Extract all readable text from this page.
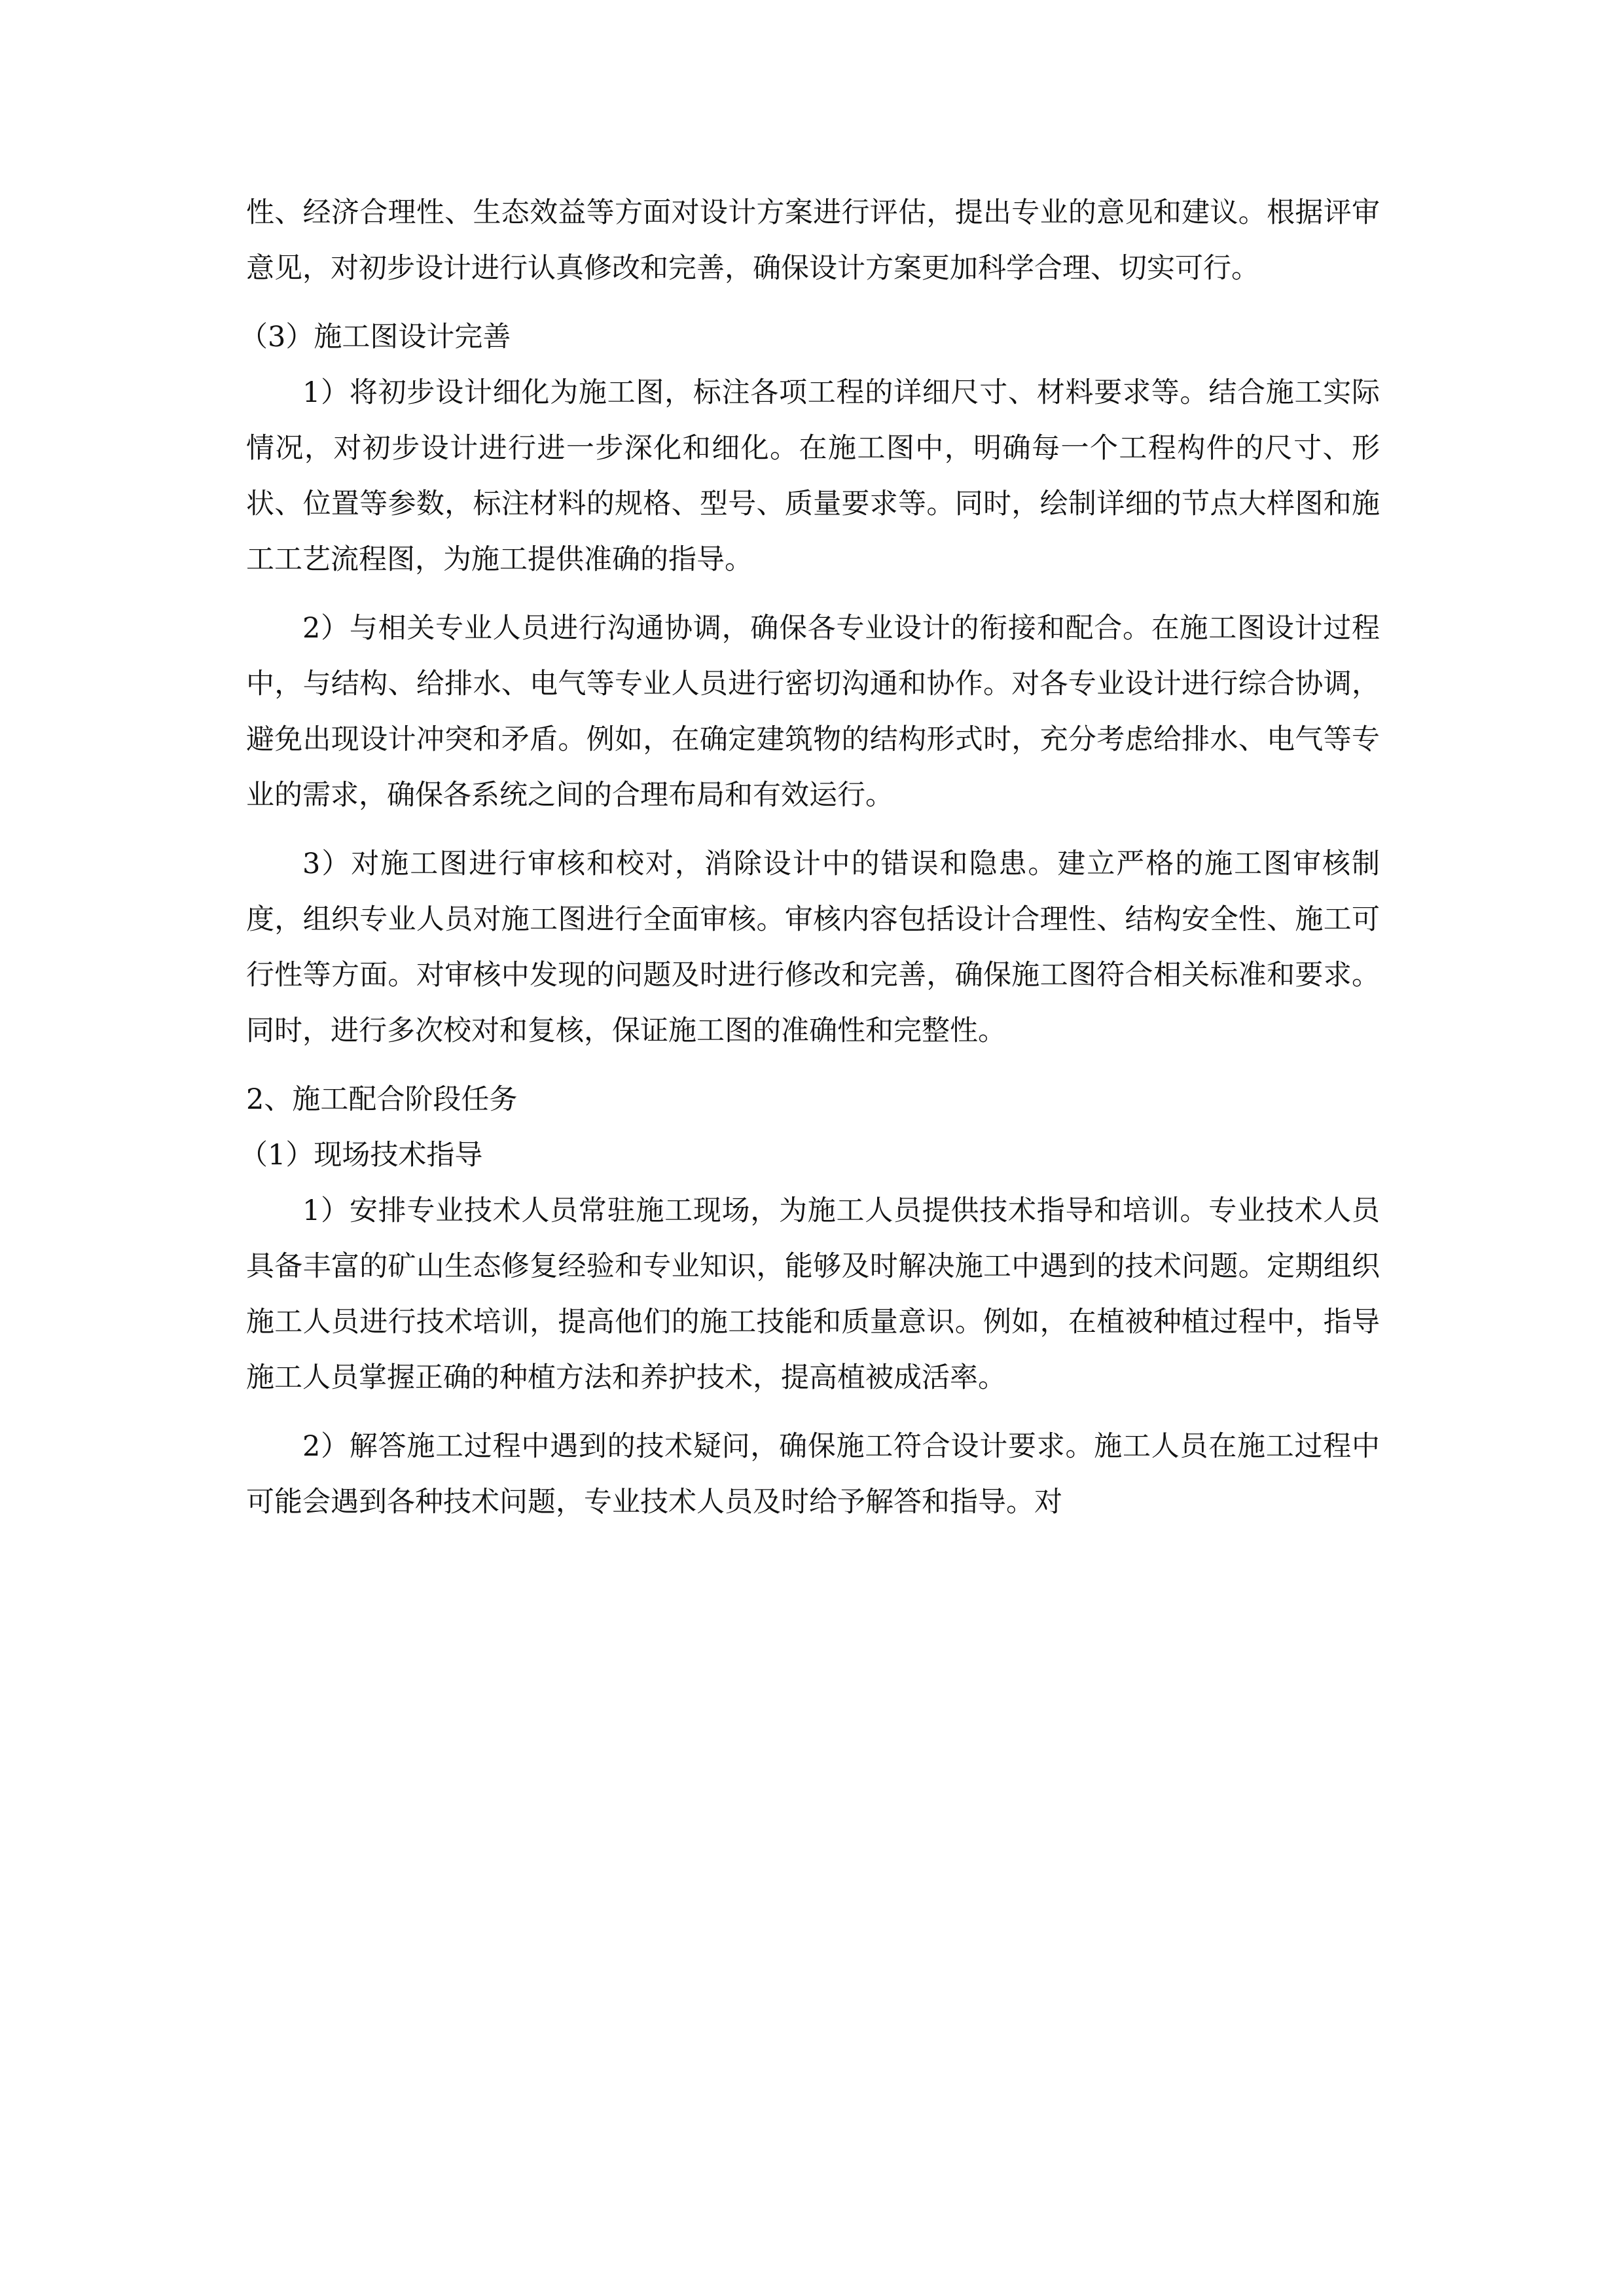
性、经济合理性、生态效益等方面对设计方案进行评估，提出专业的意见和建议。根据评审意见，对初步设计进行认真修改和完善，确保设计方案更加科学合理、切实可行。

（3）施工图设计完善

1）将初步设计细化为施工图，标注各项工程的详细尺寸、材料要求等。结合施工实际情况，对初步设计进行进一步深化和细化。在施工图中，明确每一个工程构件的尺寸、形状、位置等参数，标注材料的规格、型号、质量要求等。同时，绘制详细的节点大样图和施工工艺流程图，为施工提供准确的指导。

2）与相关专业人员进行沟通协调，确保各专业设计的衔接和配合。在施工图设计过程中，与结构、给排水、电气等专业人员进行密切沟通和协作。对各专业设计进行综合协调，避免出现设计冲突和矛盾。例如，在确定建筑物的结构形式时，充分考虑给排水、电气等专业的需求，确保各系统之间的合理布局和有效运行。

3）对施工图进行审核和校对，消除设计中的错误和隐患。建立严格的施工图审核制度，组织专业人员对施工图进行全面审核。审核内容包括设计合理性、结构安全性、施工可行性等方面。对审核中发现的问题及时进行修改和完善，确保施工图符合相关标准和要求。同时，进行多次校对和复核，保证施工图的准确性和完整性。

2、施工配合阶段任务

（1）现场技术指导

1）安排专业技术人员常驻施工现场，为施工人员提供技术指导和培训。专业技术人员具备丰富的矿山生态修复经验和专业知识，能够及时解决施工中遇到的技术问题。定期组织施工人员进行技术培训，提高他们的施工技能和质量意识。例如，在植被种植过程中，指导施工人员掌握正确的种植方法和养护技术，提高植被成活率。

2）解答施工过程中遇到的技术疑问，确保施工符合设计要求。施工人员在施工过程中可能会遇到各种技术问题，专业技术人员及时给予解答和指导。对
